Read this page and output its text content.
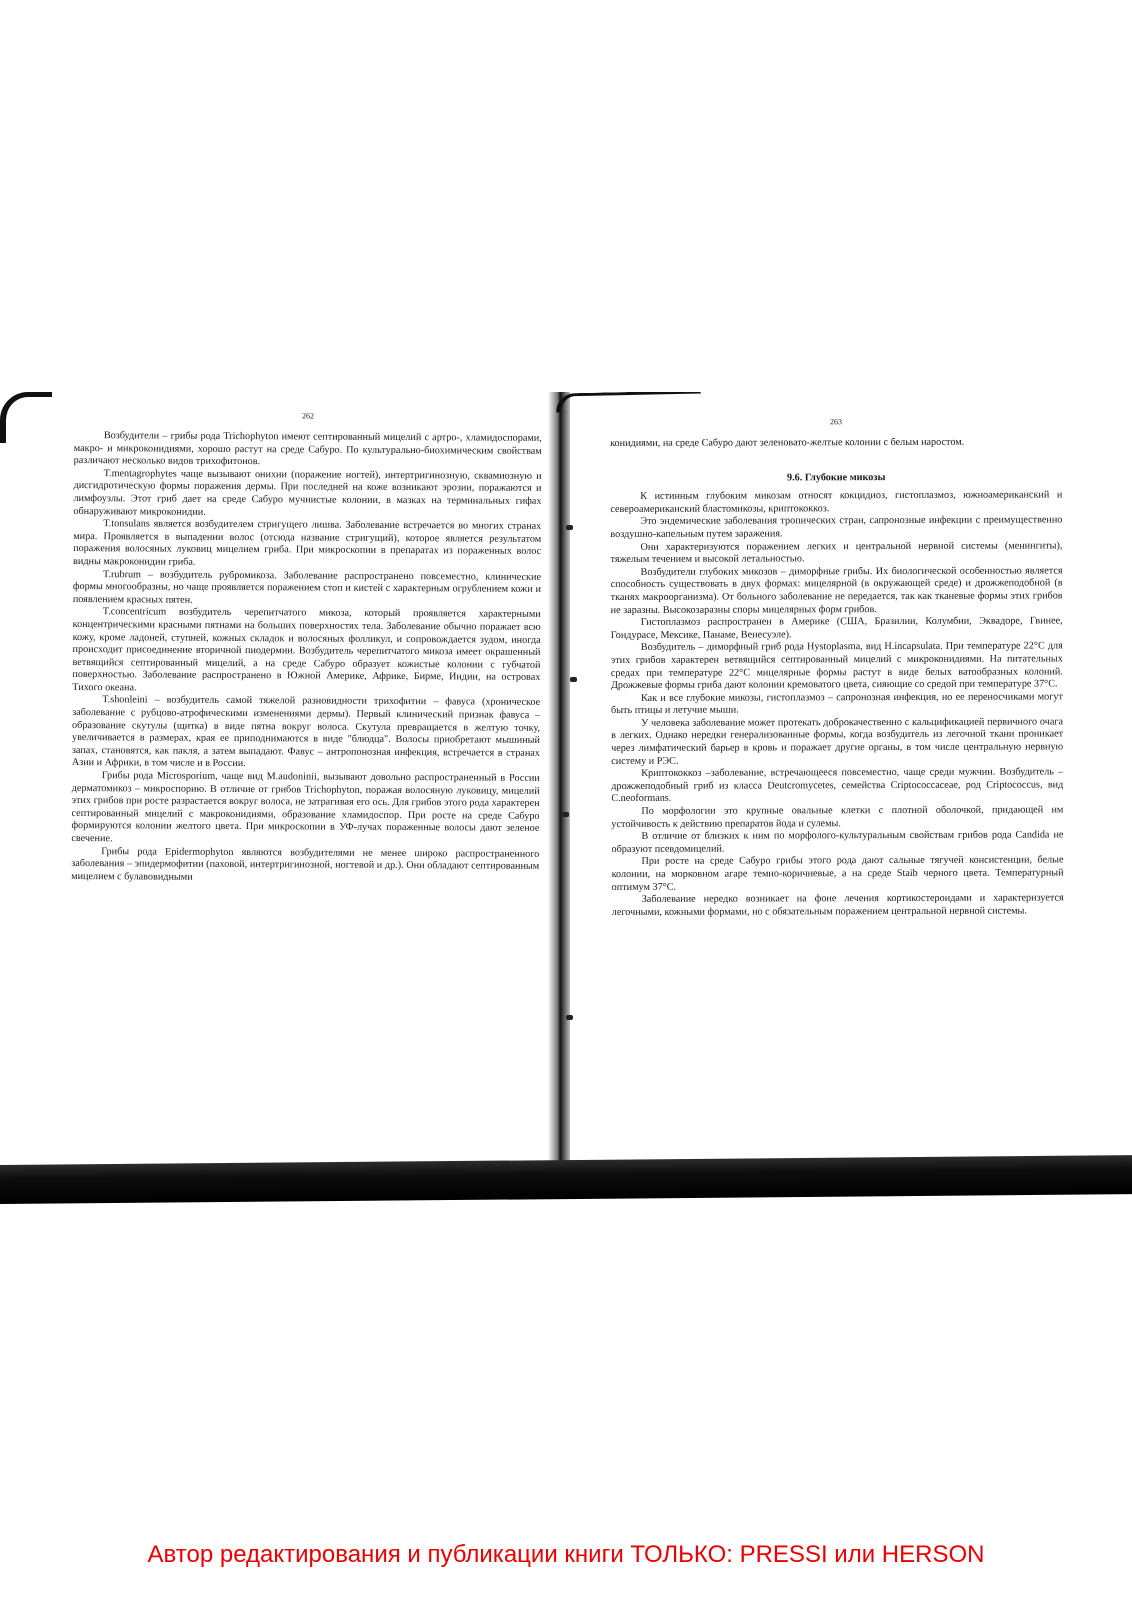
262

Возбудители – грибы рода Trichophyton имеют септированный мицелий с артро-, хламидоспорами, макро- и микроконидиями, хорошо растут на среде Сабуро. По культурально-биохимическим свойствам различают несколько видов трихофитонов.

T.mentagrophytes чаще вызывают онихии (поражение ногтей), интертригинозную, сквамиозную и дисгидротическую формы поражения дермы. При последней на коже возникают эрозии, поражаются и лимфоузлы. Этот гриб дает на среде Сабуро мучнистые колонии, в мазках на терминальных гифах обнаруживают микроконидии.

T.tonsulans является возбудителем стригущего лишва. Заболевание встречается во многих странах мира. Проявляется в выпадении волос (отсюда название стригущий), которое является результатом поражения волосяных луковиц мицелием гриба. При микроскопии в препаратах из пораженных волос видны макроконидии гриба.

T.rubrum – возбудитель рубромикоза. Заболевание распространено повсеместно, клинические формы многообразны, но чаще проявляется поражением стоп и кистей с характерным огрублением кожи и появлением красных пятен.

T.concentricum возбудитель черепитчатого микоза, который проявляется характерными концентрическими красными пятнами на больших поверхностях тела. Заболевание обычно поражает всю кожу, кроме ладоней, ступней, кожных складок и волосяных фолликул, и сопровождается зудом, иногда происходит присоединение вторичной пиодермии. Возбудитель черепитчатого микоза имеет окрашенный ветвящийся септированный мицелий, а на среде Сабуро образует кожистые колонии с губчатой поверхностью. Заболевание распространено в Южной Америке, Африке, Бирме, Индии, на островах Тихого океана.

T.shonleini – возбудитель самой тяжелой разновидности трихофитии – фавуса (хроническое заболевание с рубцово-атрофическими изменениями дермы). Первый клинический признак фавуса – образование скутулы (щитка) в виде пятна вокруг волоса. Скутула превращается в желтую точку, увеличивается в размерах, края ее приподнимаются в виде "блюдца". Волосы приобретают мышиный запах, становятся, как пакля, а затем выпадают. Фавус – антропонозная инфекция, встречается в странах Азии и Африки, в том числе и в России.

Грибы рода Microsporium, чаще вид M.audoninii, вызывают довольно распространенный в России дерматомикоз – микроспорию. В отличие от грибов Trichophyton, поражая волосяную луковицу, мицелий этих грибов при росте разрастается вокруг волоса, не затрагивая его ось. Для грибов этого рода характерен септированный мицелий с макроконидиями, образование хламидоспор. При росте на среде Сабуро формируются колонии желтого цвета. При микроскопии в УФ-лучах пораженные волосы дают зеленое свечение.

Грибы рода Epidermophyton являются возбудителями не менее широко распространенного заболевания – эпидермофитии (паховой, интертригинозной, ногтевой и др.). Они обладают септированным мицелием с булавовидными

263

конидиями, на среде Сабуро дают зеленовато-желтые колонии с белым наростом.

9.6. Глубокие микозы

К истинным глубоким микозам относят кокцидиоз, гистоплазмоз, южноамериканский и североамериканский бластомикозы, криптококкоз.

Это эндемические заболевания тропических стран, сапронозные инфекции с преимущественно воздушно-капельным путем заражения.

Они характеризуются поражением легких и центральной нервной системы (менингиты), тяжелым течением и высокой летальностью.

Возбудители глубоких микозов – диморфные грибы. Их биологической особенностью является способность существовать в двух формах: мицелярной (в окружающей среде) и дрожжеподобной (в тканях макроорганизма). От больного заболевание не передается, так как тканевые формы этих грибов не заразны. Высокозаразны споры мицелярных форм грибов.

Гистоплазмоз распространен в Америке (США, Бразилии, Колумбии, Эквадоре, Гвинее, Гондурасе, Мексике, Панаме, Венесуэле).

Возбудитель – диморфный гриб рода Hystoplasma, вид H.incapsulata. При температуре 22°С для этих грибов характерен ветвящийся септированный мицелий с микроконидиями. На питательных средах при температуре 22°С мицелярные формы растут в виде белых ватообразных колоний. Дрожжевые формы гриба дают колонии кремоватого цвета, сияющие со средой при температуре 37°С.

Как и все глубокие микозы, гистоплазмоз – сапронозная инфекция, но ее переносчиками могут быть птицы и летучие мыши.

У человека заболевание может протекать доброкачественно с кальцификацией первичного очага в легких. Однако нередки генерализованные формы, когда возбудитель из легочной ткани проникает через лимфатический барьер в кровь и поражает другие органы, в том числе центральную нервную систему и РЭС.

Криптококкоз –заболевание, встречающееся повсеместно, чаще среди мужчин. Возбудитель – дрожжеподобный гриб из класса Deutcromycetes, семейства Criptococcaceae, род Criptococcus, вид C.neoformans.

По морфологии это крупные овальные клетки с плотной оболочкой, придающей им устойчивость к действию препаратов йода и сулемы.

В отличие от близких к ним по морфолого-культуральным свойствам грибов рода Candida не образуют псевдомицелий.

При росте на среде Сабуро грибы этого рода дают сальные тягучей консистенции, белые колонии, на морковном агаре темно-коричневые, а на среде Staib черного цвета. Температурный оптимум 37°С.

Заболевание нередко возникает на фоне лечения кортикостероидами и характеризуется легочными, кожными формами, но с обязательным поражением центральной нервной системы.

Автор редактирования и публикации книги ТОЛЬКО: PRESSI или HERSON
